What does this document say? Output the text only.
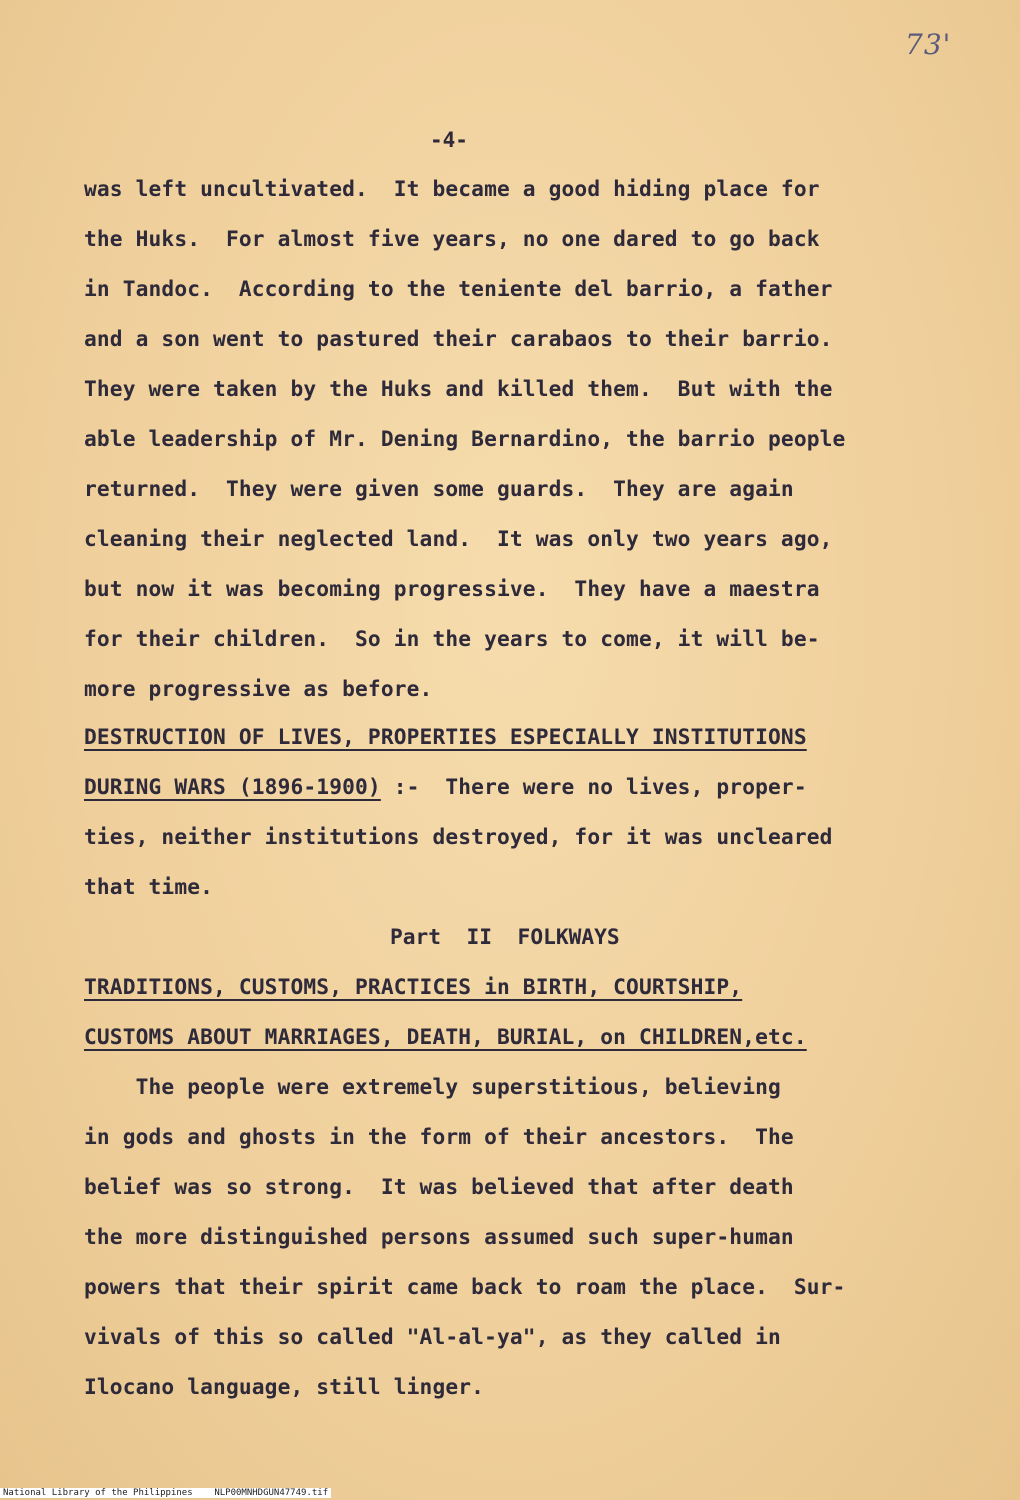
73'
-4-
was left uncultivated.  It became a good hiding place for
the Huks.  For almost five years, no one dared to go back
in Tandoc.  According to the teniente del barrio, a father
and a son went to pastured their carabaos to their barrio.
They were taken by the Huks and killed them.  But with the
able leadership of Mr. Dening Bernardino, the barrio people
returned.  They were given some guards.  They are again
cleaning their neglected land.  It was only two years ago,
but now it was becoming progressive.  They have a maestra
for their children.  So in the years to come, it will be-
more progressive as before.
DESTRUCTION OF LIVES, PROPERTIES ESPECIALLY INSTITUTIONS
DURING WARS (1896-1900) :-  There were no lives, proper-
ties, neither institutions destroyed, for it was uncleared
that time.
Part  II  FOLKWAYS
TRADITIONS, CUSTOMS, PRACTICES in BIRTH, COURTSHIP,
CUSTOMS ABOUT MARRIAGES, DEATH, BURIAL, on CHILDREN,etc.
The people were extremely superstitious, believing
in gods and ghosts in the form of their ancestors.  The
belief was so strong.  It was believed that after death
the more distinguished persons assumed such super-human
powers that their spirit came back to roam the place.  Sur-
vivals of this so called "Al-al-ya", as they called in
Ilocano language, still linger.
National Library of the Philippines    NLP00MNHDGUN47749.tif
